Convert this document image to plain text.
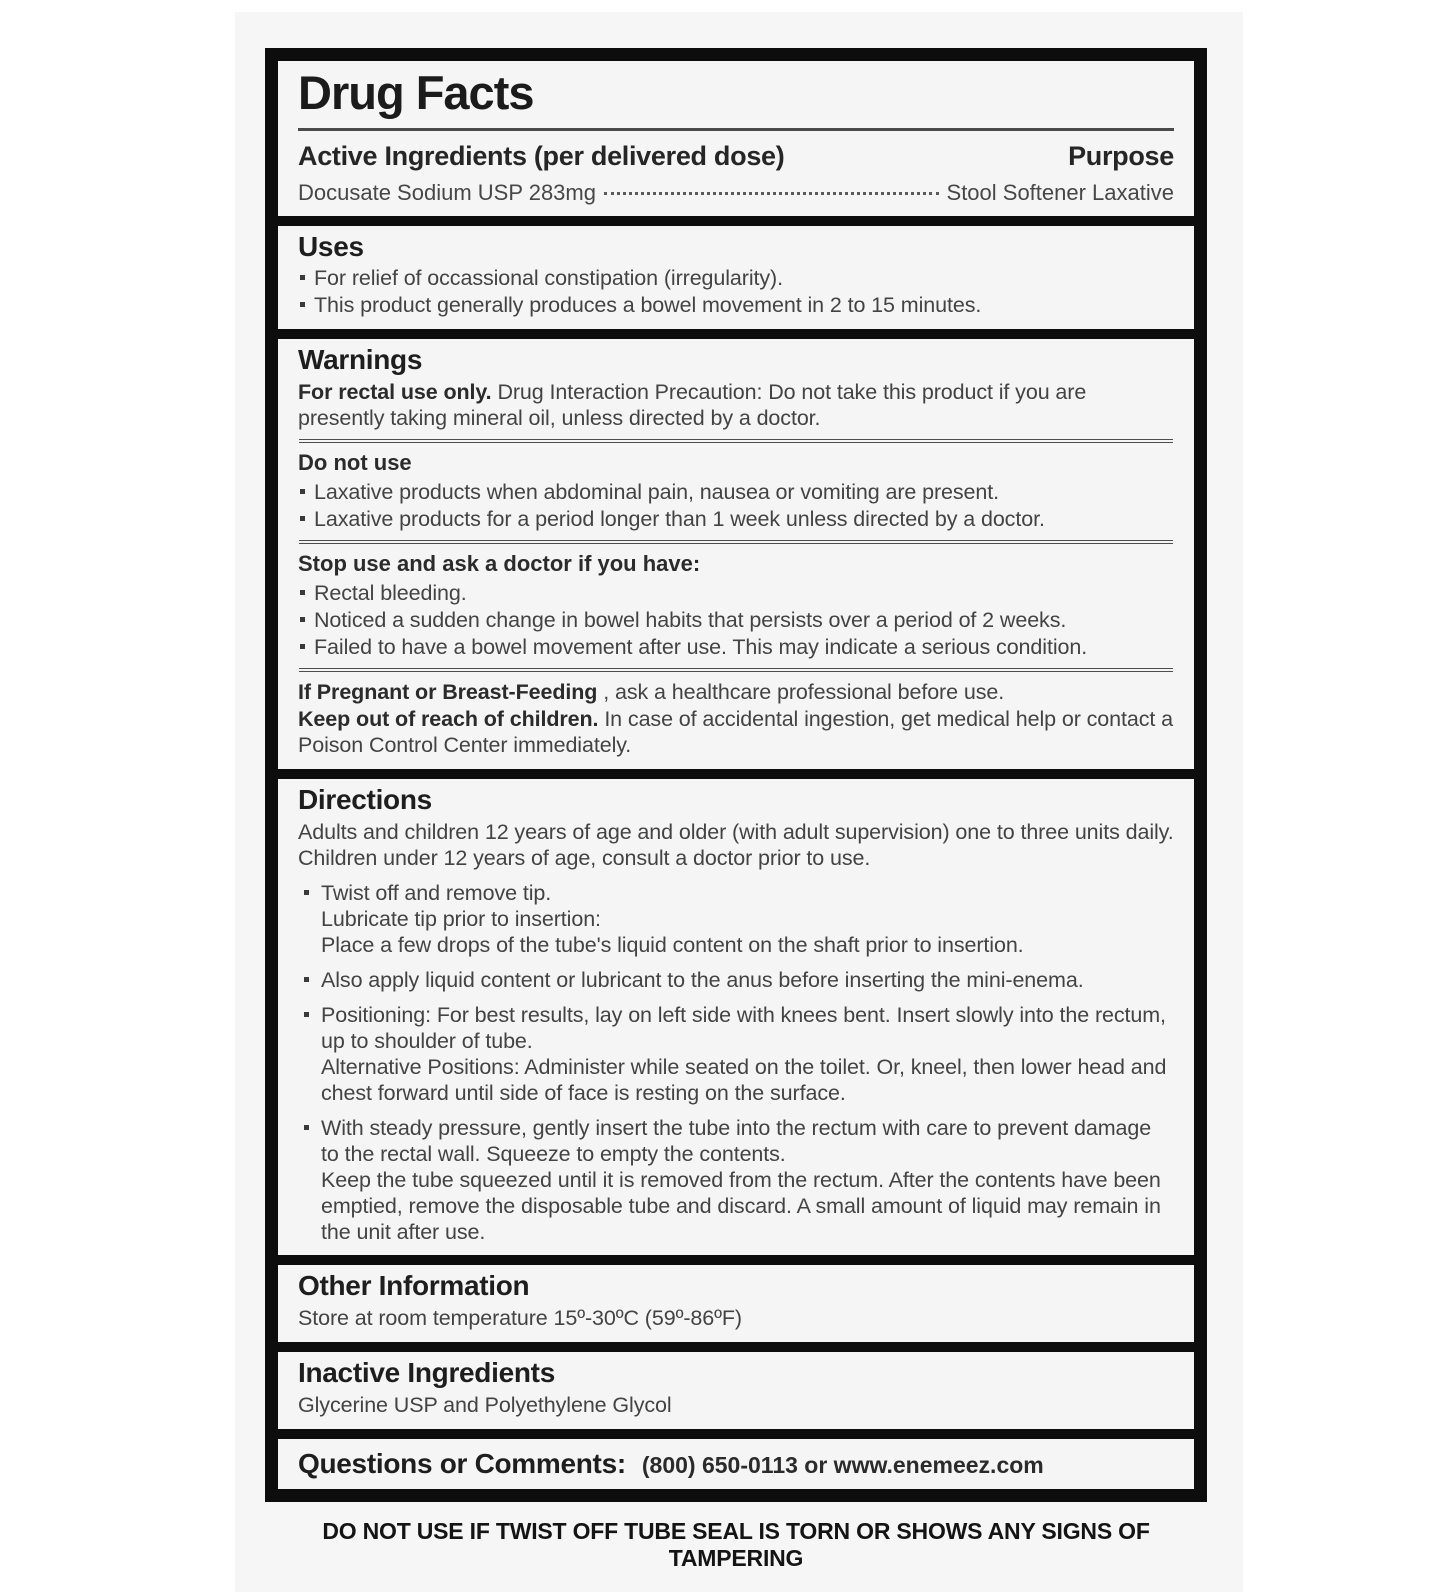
Drug Facts
Active Ingredients (per delivered dose)	Purpose
Docusate Sodium USP 283mg	Stool Softener Laxative
Uses
For relief of occassional constipation (irregularity).
This product generally produces a bowel movement in 2 to 15 minutes.
Warnings

For rectal use only. Drug Interaction Precaution: Do not take this product if you are presently taking mineral oil, unless directed by a doctor.

Do not use
Laxative products when abdominal pain, nausea or vomiting are present.
Laxative products for a period longer than 1 week unless directed by a doctor.
Stop use and ask a doctor if you have:
Rectal bleeding.
Noticed a sudden change in bowel habits that persists over a period of 2 weeks.
Failed to have a bowel movement after use. This may indicate a serious condition.

If Pregnant or Breast-Feeding , ask a healthcare professional before use.

Keep out of reach of children. In case of accidental ingestion, get medical help or contact a Poison Control Center immediately.

Directions

Adults and children 12 years of age and older (with adult supervision) one to three units daily. Children under 12 years of age, consult a doctor prior to use.

Twist off and remove tip.
Lubricate tip prior to insertion:
Place a few drops of the tube's liquid content on the shaft prior to insertion.
Also apply liquid content or lubricant to the anus before inserting the mini-enema.
Positioning: For best results, lay on left side with knees bent. Insert slowly into the rectum, up to shoulder of tube.
Alternative Positions: Administer while seated on the toilet. Or, kneel, then lower head and chest forward until side of face is resting on the surface.
With steady pressure, gently insert the tube into the rectum with care to prevent damage to the rectal wall. Squeeze to empty the contents.
Keep the tube squeezed until it is removed from the rectum. After the contents have been emptied, remove the disposable tube and discard. A small amount of liquid may remain in the unit after use.
Other Information

Store at room temperature 15º-30ºC (59º-86ºF)

Inactive Ingredients

Glycerine USP and Polyethylene Glycol

Questions or Comments: (800) 650-0113 or www.enemeez.com
DO NOT USE IF TWIST OFF TUBE SEAL IS TORN OR SHOWS ANY SIGNS OF TAMPERING
